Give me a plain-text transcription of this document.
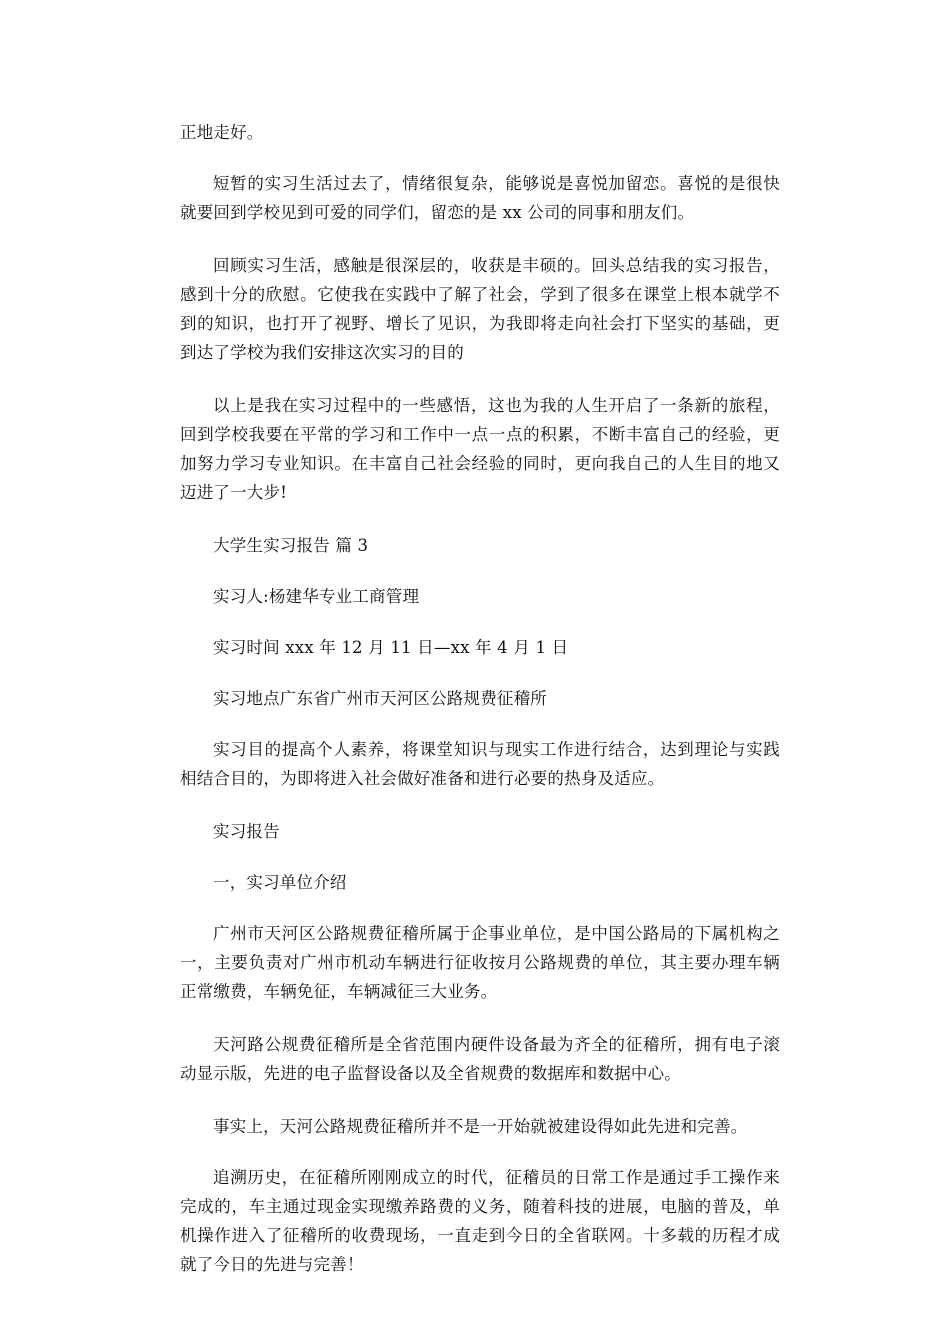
正地走好。

短暂的实习生活过去了，情绪很复杂，能够说是喜悦加留恋。喜悦的是很快就要回到学校见到可爱的同学们，留恋的是 xx 公司的同事和朋友们。

回顾实习生活，感触是很深层的，收获是丰硕的。回头总结我的实习报告，感到十分的欣慰。它使我在实践中了解了社会，学到了很多在课堂上根本就学不到的知识，也打开了视野、增长了见识，为我即将走向社会打下坚实的基础，更到达了学校为我们安排这次实习的目的

以上是我在实习过程中的一些感悟，这也为我的人生开启了一条新的旅程，回到学校我要在平常的学习和工作中一点一点的积累，不断丰富自己的经验，更加努力学习专业知识。在丰富自己社会经验的同时，更向我自己的人生目的地又迈进了一大步!

大学生实习报告 篇 3

实习人:杨建华专业工商管理

实习时间 xxx 年 12 月 11 日—xx 年 4 月 1 日

实习地点广东省广州市天河区公路规费征稽所

实习目的提高个人素养，将课堂知识与现实工作进行结合，达到理论与实践相结合目的，为即将进入社会做好准备和进行必要的热身及适应。

实习报告

一，实习单位介绍

广州市天河区公路规费征稽所属于企事业单位，是中国公路局的下属机构之一，主要负责对广州市机动车辆进行征收按月公路规费的单位，其主要办理车辆正常缴费，车辆免征，车辆减征三大业务。

天河路公规费征稽所是全省范围内硬件设备最为齐全的征稽所，拥有电子滚动显示版，先进的电子监督设备以及全省规费的数据库和数据中心。

事实上，天河公路规费征稽所并不是一开始就被建设得如此先进和完善。

追溯历史，在征稽所刚刚成立的时代，征稽员的日常工作是通过手工操作来完成的，车主通过现金实现缴养路费的义务，随着科技的进展，电脑的普及，单机操作进入了征稽所的收费现场，一直走到今日的全省联网。十多载的历程才成就了今日的先进与完善！
